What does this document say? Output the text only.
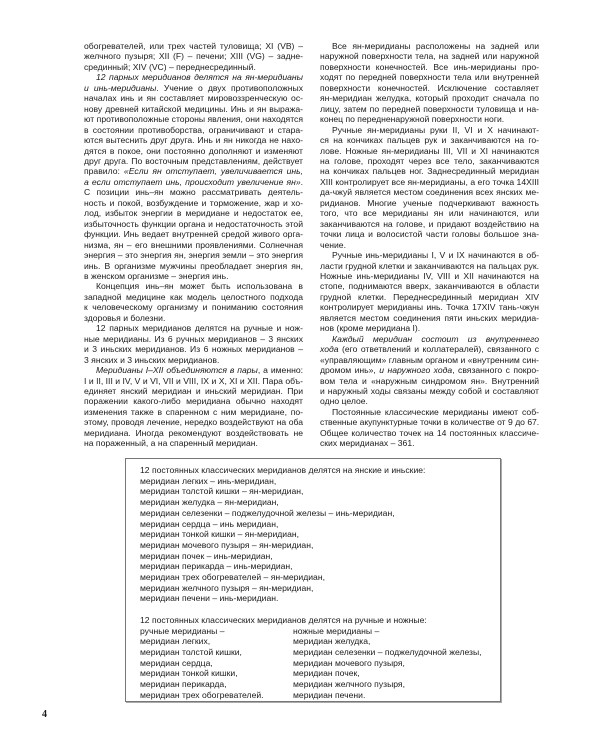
обогревателей, или трех частей туловища; XI (VB) –
желчного пузыря; XII (F) – печени; XIII (VG) – задне-
срединный; XIV (VC) – переднесрединный.
12 парных меридианов делятся на ян-меридианы
и инь-меридианы. Учение о двух противоположных
началах инь и ян составляет мировоззренческую ос-
нову древней китайской медицины. Инь и ян выража-
ют противоположные стороны явления, они находятся
в состоянии противоборства, ограничивают и стара-
ются вытеснить друг друга. Инь и ян никогда не нахо-
дятся в покое, они постоянно дополняют и изменяют
друг друга. По восточным представлениям, действует
правило: «Если ян отступает, увеличивается инь,
а если отступает инь, происходит увеличение ян».
С позиции инь–ян можно рассматривать деятель-
ность и покой, возбуждение и торможение, жар и хо-
лод, избыток энергии в меридиане и недостаток ее,
избыточность функции органа и недостаточность этой
функции. Инь ведает внутренней средой живого орга-
низма, ян – его внешними проявлениями. Солнечная
энергия – это энергия ян, энергия земли – это энергия
инь. В организме мужчины преобладает энергия ян,
в женском организме – энергия инь.
Концепция инь–ян может быть использована в
западной медицине как модель целостного подхода
к человеческому организму и пониманию состояния
здоровья и болезни.
12 парных меридианов делятся на ручные и нож-
ные меридианы. Из 6 ручных меридианов – 3 янских
и 3 иньских меридианов. Из 6 ножных меридианов –
3 янских и 3 иньских меридианов.
Меридианы I–XII объединяются в пары, а именно:
I и II, III и IV, V и VI, VII и VIII, IX и X, XI и XII. Пара объ-
единяет янский меридиан и иньский меридиан. При
поражении какого-либо меридиана обычно находят
изменения также в спаренном с ним меридиане, по-
этому, проводя лечение, нередко воздействуют на оба
меридиана. Иногда рекомендуют воздействовать не
на пораженный, а на спаренный меридиан.
Все ян-меридианы расположены на задней или
наружной поверхности тела, на задней или наружной
поверхности конечностей. Все инь-меридианы про-
ходят по передней поверхности тела или внутренней
поверхности конечностей. Исключение составляет
ян-меридиан желудка, который проходит сначала по
лицу, затем по передней поверхности туловища и на-
конец по передненаружной поверхности ноги.
Ручные ян-меридианы руки II, VI и X начинают-
ся на кончиках пальцев рук и заканчиваются на го-
лове. Ножные ян-меридианы III, VII и XI начинаются
на голове, проходят через все тело, заканчиваются
на кончиках пальцев ног. Заднесрединный меридиан
XIII контролирует все ян-меридианы, а его точка 14XIII
да-чжуй является местом соединения всех янских ме-
ридианов. Многие ученые подчеркивают важность
того, что все меридианы ян или начинаются, или
заканчиваются на голове, и придают воздействию на
точки лица и волосистой части головы большое зна-
чение.
Ручные инь-меридианы I, V и IX начинаются в об-
ласти грудной клетки и заканчиваются на пальцах рук.
Ножные инь-меридианы IV, VIII и XII начинаются на
стопе, поднимаются вверх, заканчиваются в области
грудной клетки. Переднесрединный меридиан XIV
контролирует меридианы инь. Точка 17XIV тань-чжун
является местом соединения пяти иньских меридиа-
нов (кроме меридиана I).
Каждый меридиан состоит из внутреннего
хода (его ответвлений и коллатералей), связанного с
«управляющим» главным органом и «внутренним син-
дромом инь», и наружного хода, связанного с покро-
вом тела и «наружным синдромом ян». Внутренний
и наружный ходы связаны между собой и составляют
одно целое.
Постоянные классические меридианы имеют соб-
ственные акупунктурные точки в количестве от 9 до 67.
Общее количество точек на 14 постоянных классиче-
ских меридианах – 361.
12 постоянных классических меридианов делятся на янские и иньские:
меридиан легких – инь-меридиан,
меридиан толстой кишки – ян-меридиан,
меридиан желудка – ян-меридиан,
меридиан селезенки – поджелудочной железы – инь-меридиан,
меридиан сердца – инь меридиан,
меридиан тонкой кишки – ян-меридиан,
меридиан мочевого пузыря – ян-меридиан,
меридиан почек – инь-меридиан,
меридиан перикарда – инь-меридиан,
меридиан трех обогревателей – ян-меридиан,
меридиан желчного пузыря – ян-меридиан,
меридиан печени – инь-меридиан.
12 постоянных классических меридианов делятся на ручные и ножные:
ручные меридианы –
меридиан легких,
меридиан толстой кишки,
меридиан сердца,
меридиан тонкой кишки,
меридиан перикарда,
меридиан трех обогревателей.
ножные меридианы –
меридиан желудка,
меридиан селезенки – поджелудочной железы,
меридиан мочевого пузыря,
меридиан почек,
меридиан желчного пузыря,
меридиан печени.
4
